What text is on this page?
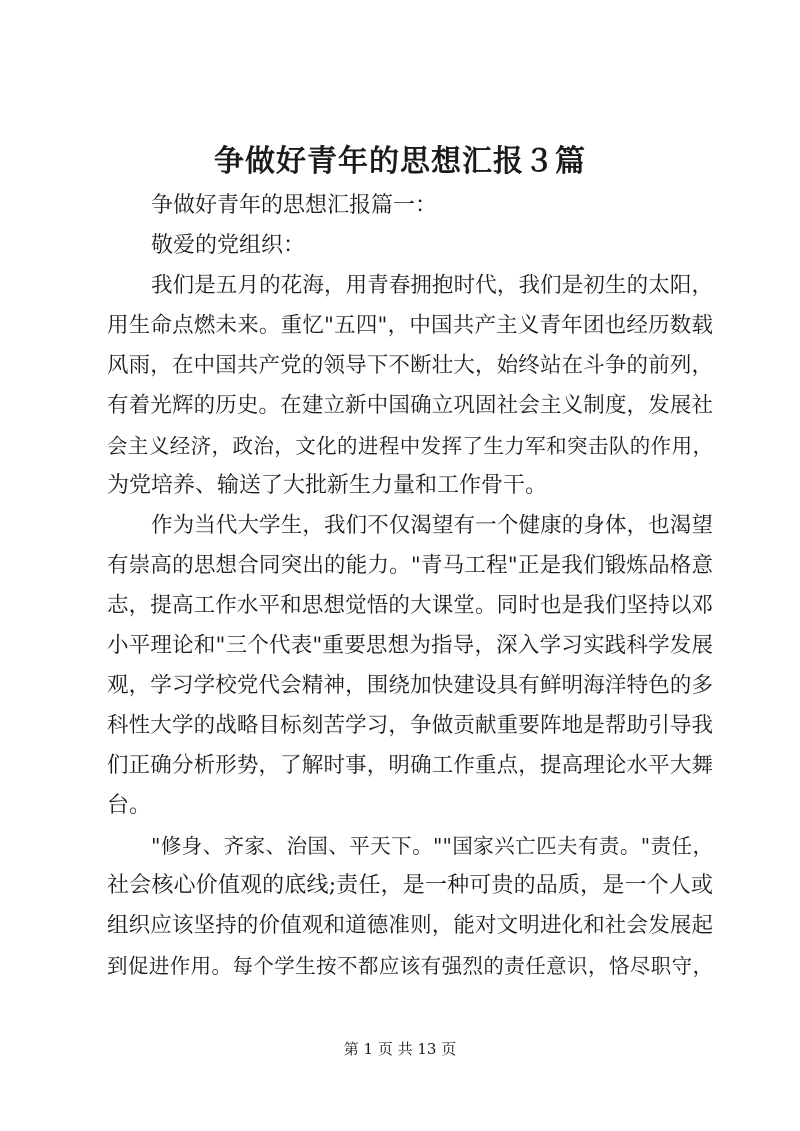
争做好青年的思想汇报３篇

争做好青年的思想汇报篇一：

敬爱的党组织：

我们是五月的花海，用青春拥抱时代，我们是初生的太阳，

用生命点燃未来。重忆"五四"，中国共产主义青年团也经历数载

风雨，在中国共产党的领导下不断壮大，始终站在斗争的前列，

有着光辉的历史。在建立新中国确立巩固社会主义制度，发展社

会主义经济，政治，文化的进程中发挥了生力军和突击队的作用，

为党培养、输送了大批新生力量和工作骨干。

作为当代大学生，我们不仅渴望有一个健康的身体，也渴望

有崇高的思想合同突出的能力。"青马工程"正是我们锻炼品格意

志，提高工作水平和思想觉悟的大课堂。同时也是我们坚持以邓

小平理论和"三个代表"重要思想为指导，深入学习实践科学发展

观，学习学校党代会精神，围绕加快建设具有鲜明海洋特色的多

科性大学的战略目标刻苦学习，争做贡献重要阵地是帮助引导我

们正确分析形势，了解时事，明确工作重点，提高理论水平大舞

台。

"修身、齐家、治国、平天下。""国家兴亡匹夫有责。"责任，

社会核心价值观的底线;责任，是一种可贵的品质，是一个人或

组织应该坚持的价值观和道德准则，能对文明进化和社会发展起

到促进作用。每个学生按不都应该有强烈的责任意识，恪尽职守，

第 1 页 共 13 页
